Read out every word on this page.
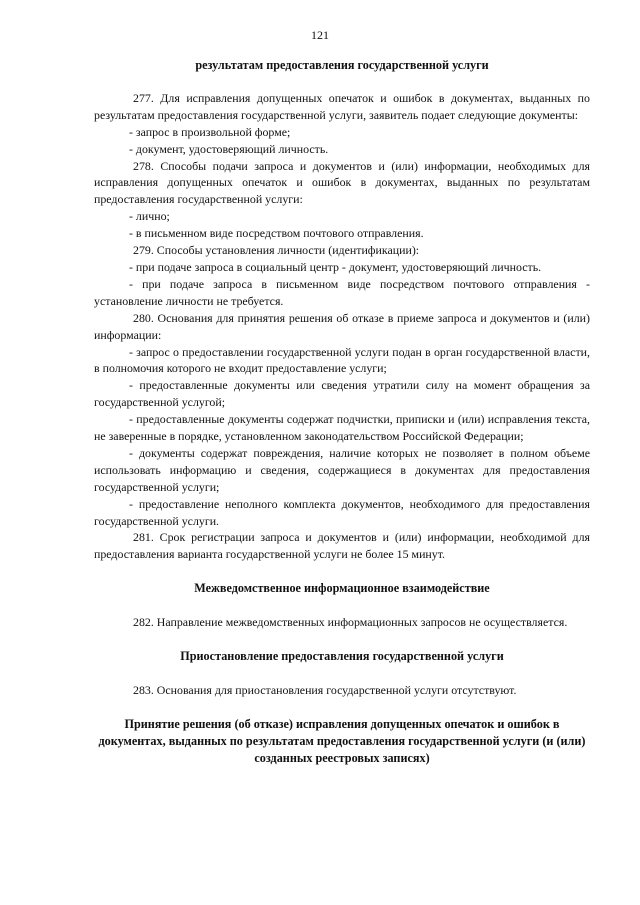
121

результатам предоставления государственной услуги

277. Для исправления допущенных опечаток и ошибок в документах, выданных по результатам предоставления государственной услуги, заявитель подает следующие документы:

- запрос в произвольной форме;

- документ, удостоверяющий личность.

278. Способы подачи запроса и документов и (или) информации, необходимых для исправления допущенных опечаток и ошибок в документах, выданных по результатам предоставления государственной услуги:

- лично;

- в письменном виде посредством почтового отправления.

279. Способы установления личности (идентификации):

- при подаче запроса в социальный центр - документ, удостоверяющий личность.

- при подаче запроса в письменном виде посредством почтового отправления - установление личности не требуется.

280. Основания для принятия решения об отказе в приеме запроса и документов и (или) информации:

- запрос о предоставлении государственной услуги подан в орган государственной власти, в полномочия которого не входит предоставление услуги;

- предоставленные документы или сведения утратили силу на момент обращения за государственной услугой;

- предоставленные документы содержат подчистки, приписки и (или) исправления текста, не заверенные в порядке, установленном законодательством Российской Федерации;

- документы содержат повреждения, наличие которых не позволяет в полном объеме использовать информацию и сведения, содержащиеся в документах для предоставления государственной услуги;

- предоставление неполного комплекта документов, необходимого для предоставления государственной услуги.

281. Срок регистрации запроса и документов и (или) информации, необходимой для предоставления варианта государственной услуги не более 15 минут.

Межведомственное информационное взаимодействие

282. Направление межведомственных информационных запросов не осуществляется.

Приостановление предоставления государственной услуги

283. Основания для приостановления государственной услуги отсутствуют.

Принятие решения (об отказе) исправления допущенных опечаток и ошибок в документах, выданных по результатам предоставления государственной услуги (и (или) созданных реестровых записях)
